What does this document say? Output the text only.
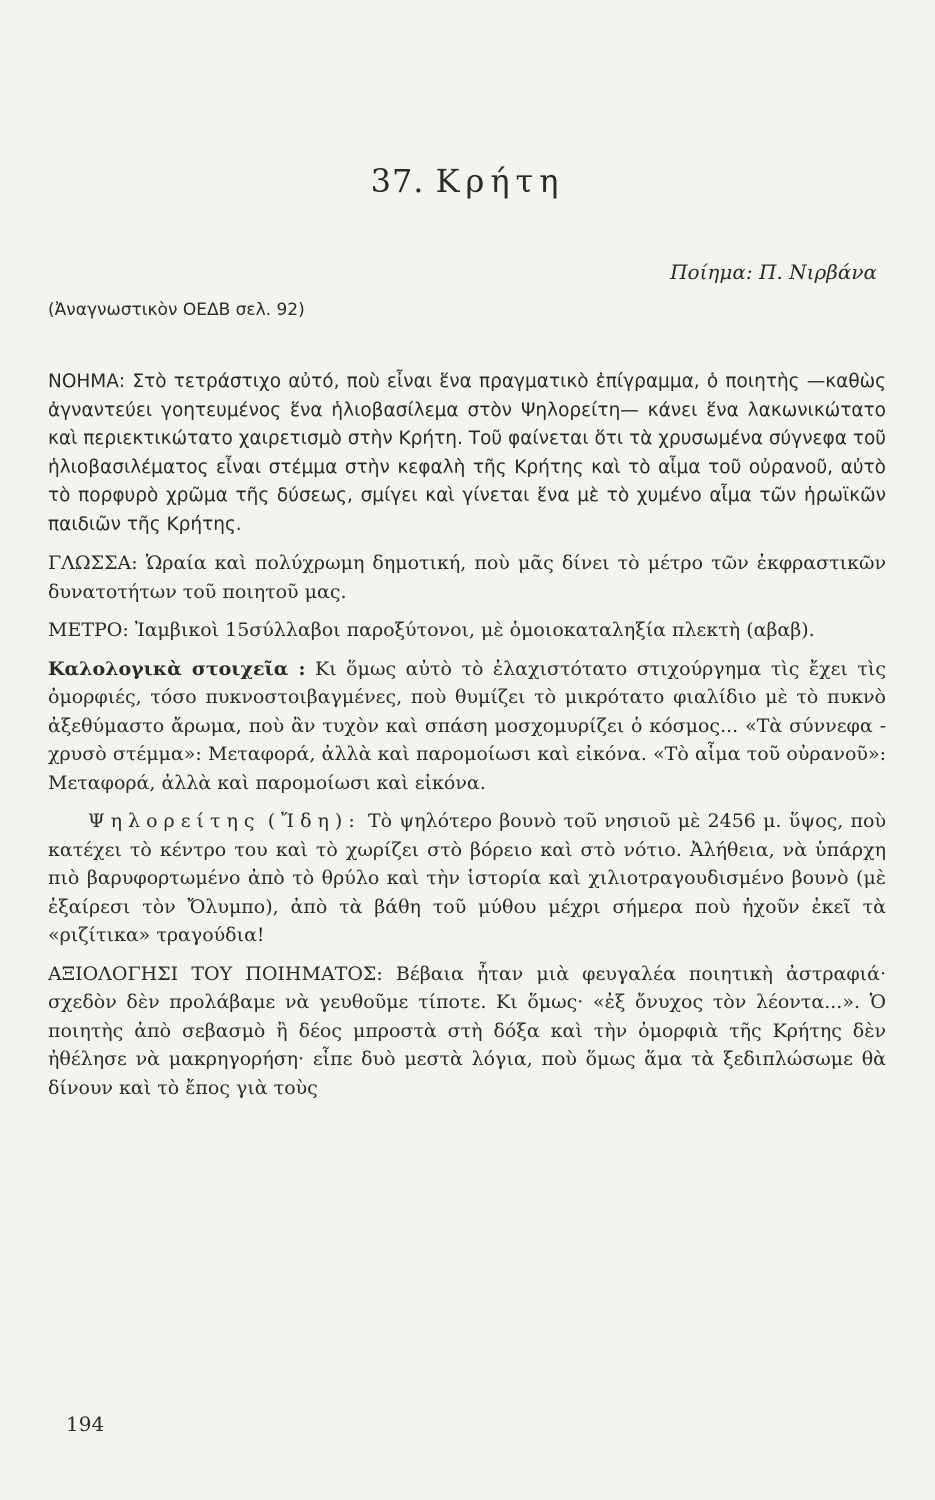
37. Κρήτη
Ποίημα: Π. Νιρβάνα
(Ἀναγνωστικὸν ΟΕΔΒ σελ. 92)

ΝΟΗΜΑ: Στὸ τετράστιχο αὐτό, ποὺ εἶναι ἕνα πραγματικὸ ἐπίγραμμα, ὁ ποιητὴς —καθὼς ἀγναντεύει γοητευμένος ἕνα ἡλιοβασίλεμα στὸν Ψηλορείτη— κάνει ἕνα λακωνικώτατο καὶ περιεκτικώτατο χαιρετισμὸ στὴν Κρήτη. Τοῦ φαίνεται ὅτι τὰ χρυσωμένα σύγνεφα τοῦ ἡλιοβασιλέματος εἶναι στέμμα στὴν κεφαλὴ τῆς Κρήτης καὶ τὸ αἷμα τοῦ οὐρανοῦ, αὐτὸ τὸ πορφυρὸ χρῶμα τῆς δύσεως, σμίγει καὶ γίνεται ἕνα μὲ τὸ χυμένο αἷμα τῶν ἡρωϊκῶν παιδιῶν τῆς Κρήτης.

ΓΛΩΣΣΑ: Ὡραία καὶ πολύχρωμη δημοτική, ποὺ μᾶς δίνει τὸ μέτρο τῶν ἐκφραστικῶν δυνατοτήτων τοῦ ποιητοῦ μας.

ΜΕΤΡΟ: Ἰαμβικοὶ 15σύλλαβοι παροξύτονοι, μὲ ὁμοιοκαταληξία πλεκτὴ (αβαβ).

Καλολογικὰ στοιχεῖα : Κι ὅμως αὐτὸ τὸ ἐλαχιστότατο στιχούργημα τὶς ἔχει τὶς ὀμορφιές, τόσο πυκνοστοιβαγμένες, ποὺ θυμίζει τὸ μικρότατο φιαλίδιο μὲ τὸ πυκνὸ ἀξεθύμαστο ἄρωμα, ποὺ ἂν τυχὸν καὶ σπάση μοσχομυρίζει ὁ κόσμος... «Τὰ σύννεφα - χρυσὸ στέμμα»: Μεταφορά, ἀλλὰ καὶ παρομοίωσι καὶ εἰκόνα. «Τὸ αἷμα τοῦ οὐρανοῦ»: Μεταφορά, ἀλλὰ καὶ παρομοίωσι καὶ εἰκόνα.

Ψηλορείτης (Ἴδη): Τὸ ψηλότερο βουνὸ τοῦ νησιοῦ μὲ 2456 μ. ὕψος, ποὺ κατέχει τὸ κέντρο του καὶ τὸ χωρίζει στὸ βόρειο καὶ στὸ νότιο. Ἀλήθεια, νὰ ὑπάρχη πιὸ βαρυφορτωμένο ἀπὸ τὸ θρύλο καὶ τὴν ἱστορία καὶ χιλιοτραγουδισμένο βουνὸ (μὲ ἐξαίρεσι τὸν Ὄλυμπο), ἀπὸ τὰ βάθη τοῦ μύθου μέχρι σήμερα ποὺ ἠχοῦν ἐκεῖ τὰ «ριζίτικα» τραγούδια!

ΑΞΙΟΛΟΓΗΣΙ ΤΟΥ ΠΟΙΗΜΑΤΟΣ: Βέβαια ἦταν μιὰ φευγαλέα ποιητικὴ ἀστραφιά· σχεδὸν δὲν προλάβαμε νὰ γευθοῦμε τίποτε. Κι ὅμως· «ἐξ ὄνυχος τὸν λέοντα...». Ὁ ποιητὴς ἀπὸ σεβασμὸ ἢ δέος μπροστὰ στὴ δόξα καὶ τὴν ὀμορφιὰ τῆς Κρήτης δὲν ἠθέλησε νὰ μακρηγορήση· εἶπε δυὸ μεστὰ λόγια, ποὺ ὅμως ἅμα τὰ ξεδιπλώσωμε θὰ δίνουν καὶ τὸ ἔπος γιὰ τοὺς

194
